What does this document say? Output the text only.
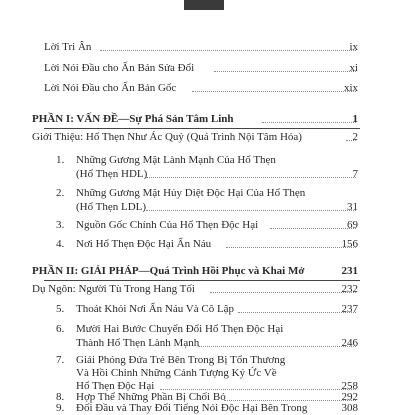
Lời Tri Ân	ix
Lời Nói Đầu cho Ấn Bản Sửa Đổi	xi
Lời Nói Đầu cho Ấn Bản Gốc	xix
PHẦN I: VẤN ĐỀ—Sự Phá Sản Tâm Linh	1
Giới Thiệu: Hổ Thẹn Như Ác Quỷ (Quá Trình Nội Tâm Hóa)	2
1. Những Gương Mặt Lành Mạnh Của Hổ Thẹn
(Hổ Thẹn HDL)	7
2. Những Gương Mặt Hủy Diệt Độc Hại Của Hổ Thẹn
(Hổ Thẹn LDL)	31
3. Nguồn Gốc Chính Của Hổ Thẹn Độc Hại	69
4. Nơi Hổ Thẹn Độc Hại Ẩn Náu	156
PHẦN II: GIẢI PHÁP—Quá Trình Hồi Phục và Khai Mở	231
Dụ Ngôn: Người Tù Trong Hang Tối	232
5. Thoát Khỏi Nơi Ẩn Náu Và Cô Lập	237
6. Mười Hai Bước Chuyển Đổi Hổ Thẹn Độc Hại
Thành Hổ Thẹn Lành Mạnh	246
7. Giải Phóng Đứa Trẻ Bên Trong Bị Tổn Thương
Và Hồi Chỉnh Những Cảnh Tượng Ký Ức Về
Hổ Thẹn Độc Hại	258
8. Hợp Thể Những Phần Bị Chối Bỏ	292
9. Đối Đầu và Thay Đổi Tiếng Nói Độc Hại Bên Trong	308
